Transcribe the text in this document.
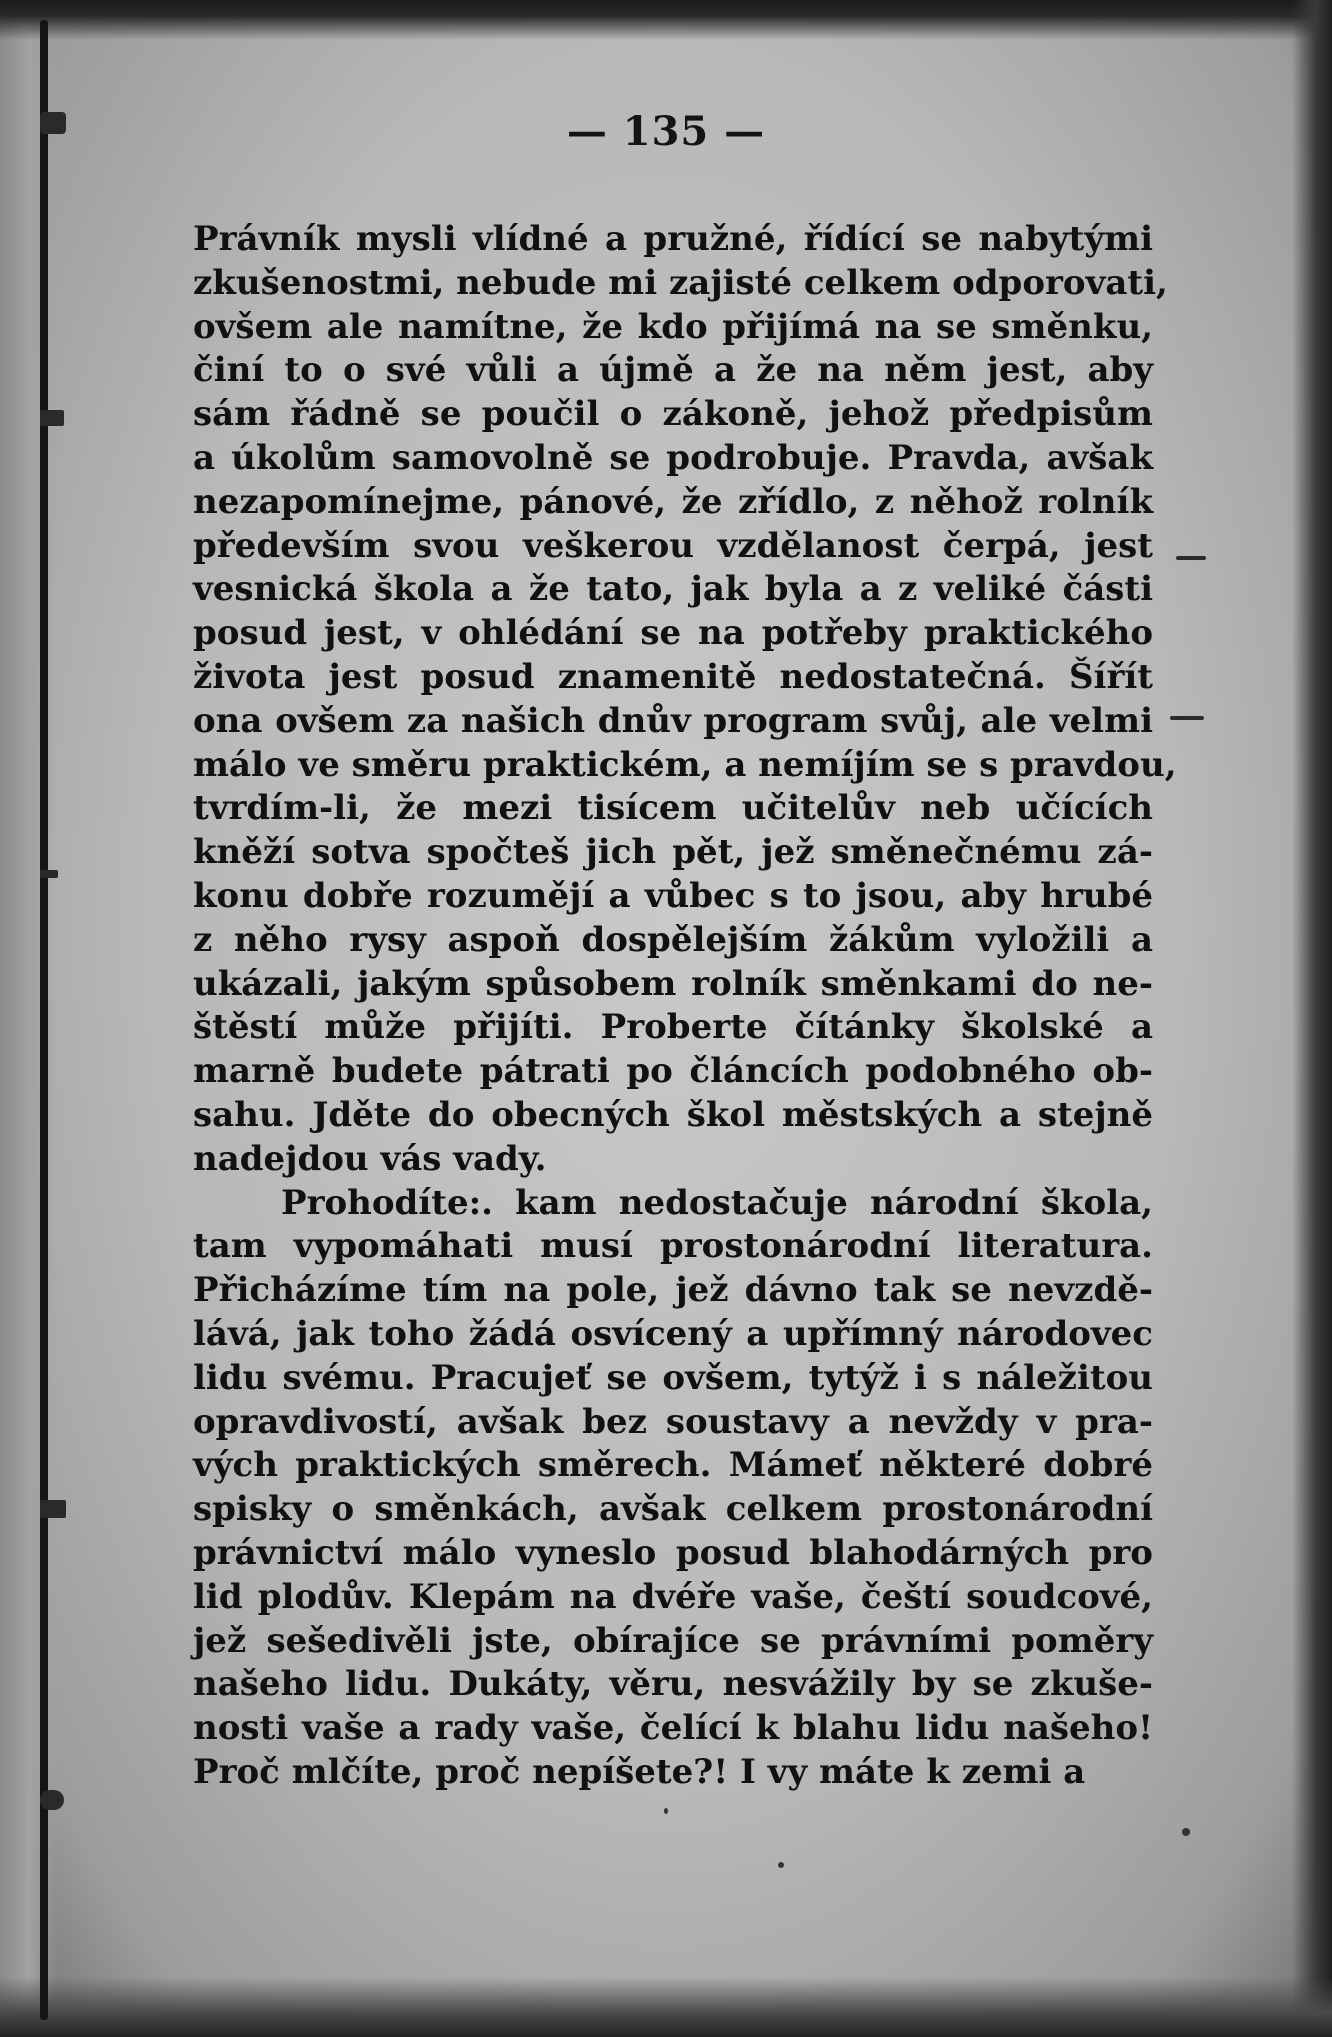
— 135 —
Právník mysli vlídné a pružné, řídící se nabytými
zkušenostmi, nebude mi zajisté celkem odporovati,
ovšem ale namítne, že kdo přijímá na se směnku,
činí to o své vůli a újmě a že na něm jest, aby
sám řádně se poučil o zákoně, jehož předpisům
a úkolům samovolně se podrobuje. Pravda, avšak
nezapomínejme, pánové, že zřídlo, z něhož rolník
především svou veškerou vzdělanost čerpá, jest
vesnická škola a že tato, jak byla a z veliké části
posud jest, v ohlédání se na potřeby praktického
života jest posud znamenitě nedostatečná. Šířít
ona ovšem za našich dnův program svůj, ale velmi
málo ve směru praktickém, a nemíjím se s pravdou,
tvrdím-li, že mezi tisícem učitelův neb učících
kněží sotva spočteš jich pět, jež směnečnému zá-
konu dobře rozumějí a vůbec s to jsou, aby hrubé
z něho rysy aspoň dospělejším žákům vyložili a
ukázali, jakým spůsobem rolník směnkami do ne-
štěstí může přijíti. Proberte čítánky školské a
marně budete pátrati po článcích podobného ob-
sahu. Jděte do obecných škol městských a stejně
nadejdou vás vady.
Prohodíte:. kam nedostačuje národní škola,
tam vypomáhati musí prostonárodní literatura.
Přicházíme tím na pole, jež dávno tak se nevzdě-
lává, jak toho žádá osvícený a upřímný národovec
lidu svému. Pracujeť se ovšem, tytýž i s náležitou
opravdivostí, avšak bez soustavy a nevždy v pra-
vých praktických směrech. Mámeť některé dobré
spisky o směnkách, avšak celkem prostonárodní
právnictví málo vyneslo posud blahodárných pro
lid plodův. Klepám na dvéře vaše, čeští soudcové,
jež sešedivěli jste, obírajíce se právními poměry
našeho lidu. Dukáty, věru, nesvážily by se zkuše-
nosti vaše a rady vaše, čelící k blahu lidu našeho!
Proč mlčíte, proč nepíšete?! I vy máte k zemi a
